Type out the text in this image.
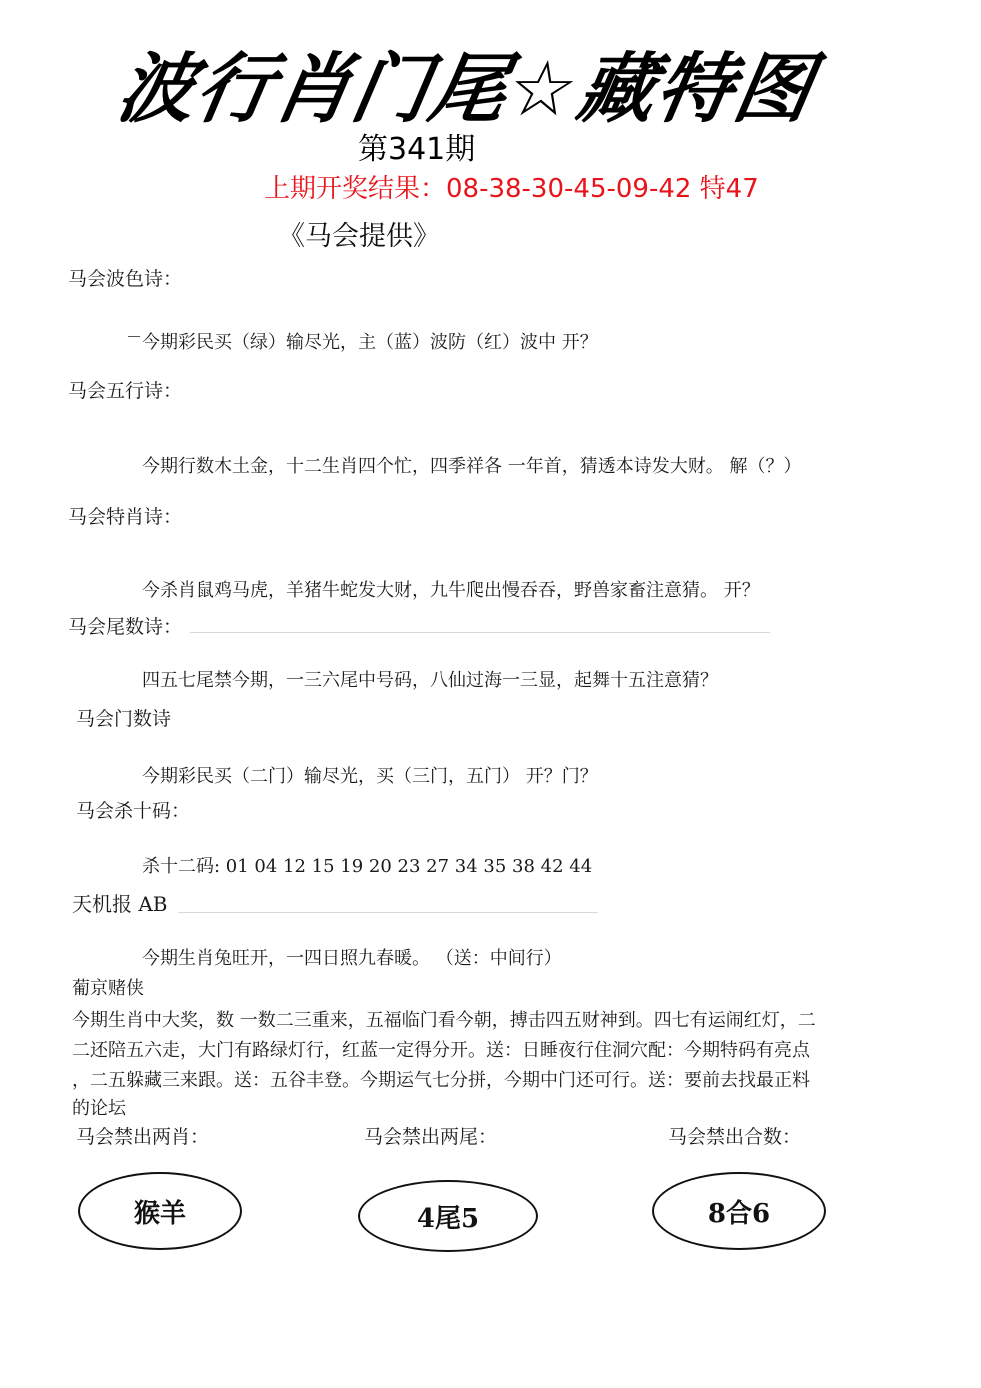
波行肖门尾☆藏特图
第341期
上期开奖结果：08-38-30-45-09-42 特47
《马会提供》
马会波色诗：
今期彩民买（绿）输尽光，主（蓝）波防（红）波中 开？
马会五行诗：
今期行数木土金，十二生肖四个忙，四季祥各 一年首，猜透本诗发大财。 解（？）
马会特肖诗：
今杀肖鼠鸡马虎，羊猪牛蛇发大财，九牛爬出慢吞吞，野兽家畜注意猜。 开？
马会尾数诗：
四五七尾禁今期，一三六尾中号码，八仙过海一三显，起舞十五注意猜？
马会门数诗
今期彩民买（二门）输尽光，买（三门，五门） 开？门？
马会杀十码：
杀十二码: 01 04 12 15 19 20 23 27 34 35 38 42 44
天机报 AB
今期生肖兔旺开，一四日照九春暖。 （送：中间行）
葡京赌侠
今期生肖中大奖，数 一数二三重来，五福临门看今朝，搏击四五财神到。四七有运闹红灯，二
二还陪五六走，大门有路绿灯行，红蓝一定得分开。送：日睡夜行住洞穴配：今期特码有亮点
，二五躲藏三来跟。送：五谷丰登。今期运气七分拼，今期中门还可行。送：要前去找最正料
的论坛
马会禁出两肖：	马会禁出两尾：	马会禁出合数：
猴羊	4尾5	8合6
